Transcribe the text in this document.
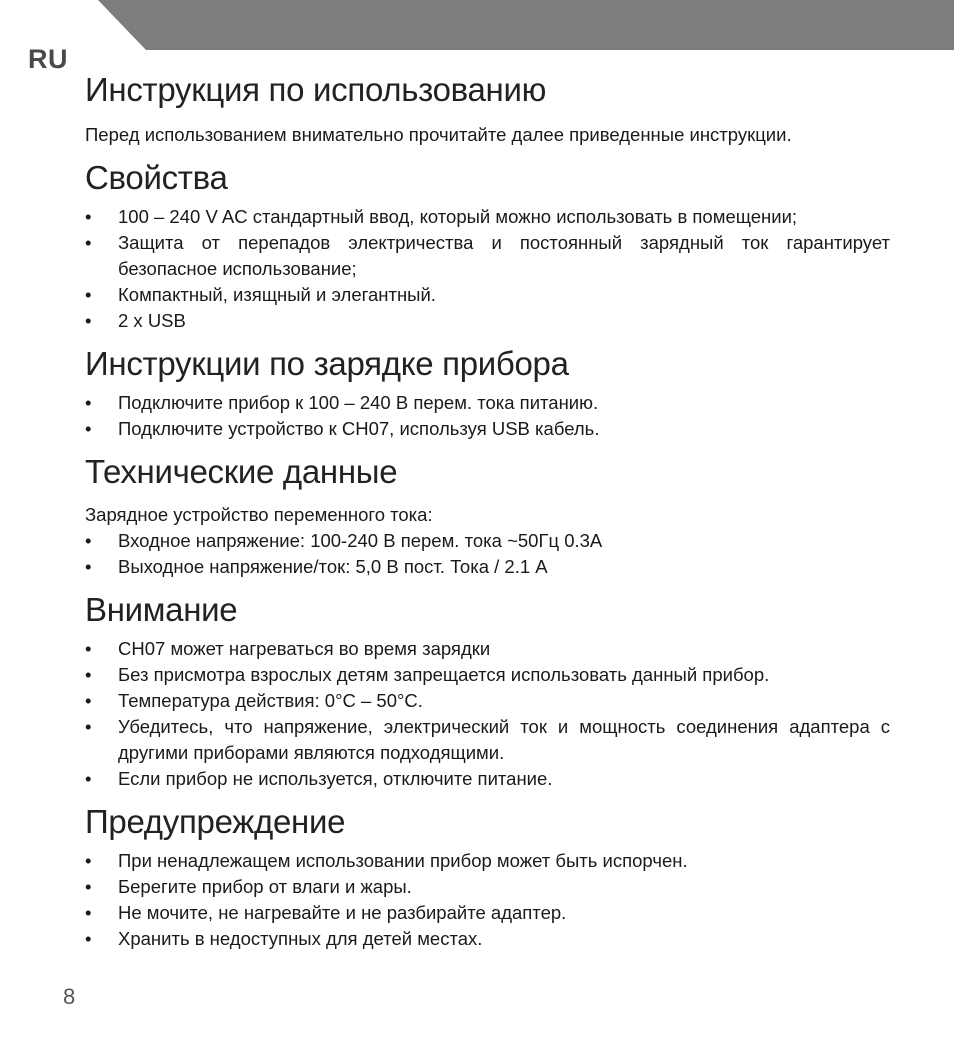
RU
Инструкция по использованию

Перед использованием внимательно прочитайте далее приведенные инструкции.

Свойства
• 100 – 240 V AC стандартный ввод, который можно использовать в помещении;
• Защита от перепадов электричества и постоянный зарядный ток гарантирует безопасное использование;
• Компактный, изящный и элегантный.
• 2 x USB
Инструкции по зарядке прибора
• Подключите прибор к 100 – 240 В перем. тока питанию.
• Подключите устройство к CH07, используя USB кабель.
Технические данные

Зарядное устройство переменного тока:

• Входное напряжение: 100-240 В перем. тока ~50Гц 0.3A
• Выходное напряжение/ток: 5,0 В пост. Тока / 2.1 A
Внимание
• CH07 может нагреваться во время зарядки
• Без присмотра взрослых детям запрещается использовать данный прибор.
• Температура действия: 0°C – 50°C.
• Убедитесь, что напряжение, электрический ток и мощность соединения адаптера с другими приборами являются подходящими.
• Если прибор не используется, отключите питание.
Предупреждение
• При ненадлежащем использовании прибор может быть испорчен.
• Берегите прибор от влаги и жары.
• Не мочите, не нагревайте и не разбирайте адаптер.
• Хранить в недоступных для детей местах.
8
